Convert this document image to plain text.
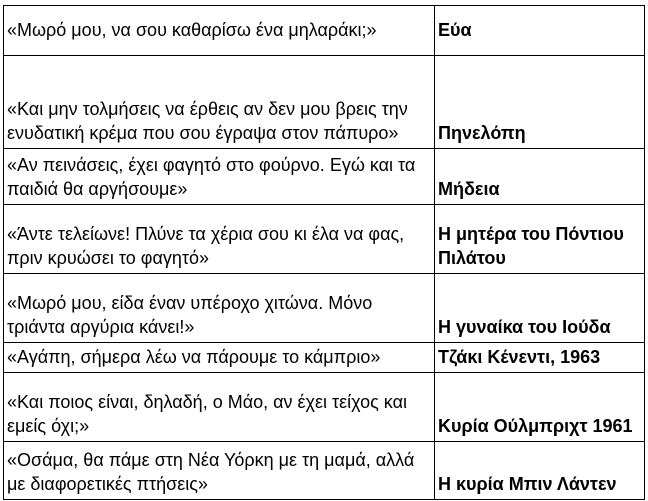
«Μωρό μου, να σου καθαρίσω ένα μηλαράκι;»	Εύα
«Και μην τολμήσεις να έρθεις αν δεν μου βρεις την ενυδατική κρέμα που σου έγραψα στον πάπυρο»	Πηνελόπη
«Αν πεινάσεις, έχει φαγητό στο φούρνο. Εγώ και τα παιδιά θα αργήσουμε»	Μήδεια
«Άντε τελείωνε! Πλύνε τα χέρια σου κι έλα να φας, πριν κρυώσει το φαγητό»	Η μητέρα του Πόντιου Πιλάτου
«Μωρό μου, είδα έναν υπέροχο χιτώνα. Μόνο τριάντα αργύρια κάνει!»	Η γυναίκα του Ιούδα
«Αγάπη, σήμερα λέω να πάρουμε το κάμπριο»	Τζάκι Κένεντι, 1963
«Και ποιος είναι, δηλαδή, ο Μάο, αν έχει τείχος και εμείς όχι;»	Κυρία Ούλμπριχτ 1961
«Οσάμα, θα πάμε στη Νέα Υόρκη με τη μαμά, αλλά με διαφορετικές πτήσεις»	Η κυρία Μπιν Λάντεν
